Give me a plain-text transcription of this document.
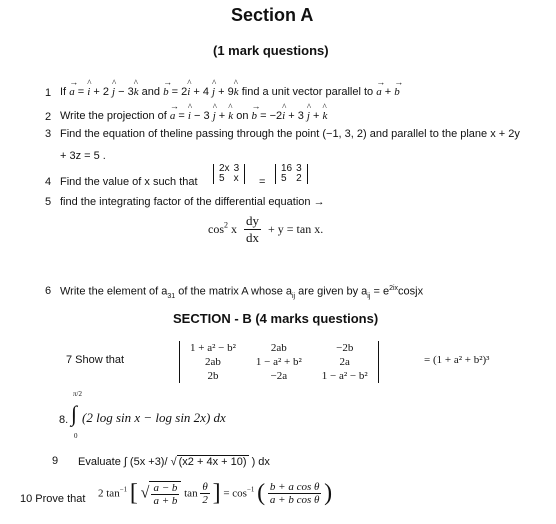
Section A
(1 mark questions)
1 If → a = ^ i + 2 ^ j − 3^ k and → b = 2^ i + 4 ^ j + 9^ k find a unit vector parallel to → a + → b
2 Write the projection of → a = ^ i − 3 ^ j + ^ k on → b = −2^ i + 3 ^ j + ^ k
3 Find the equation of theline passing through the point (−1, 3, 2) and parallel to the plane x + 2y
+ 3z = 5 .
4 Find the value of x such that
2x	3
5	x =
16	3
5	2
5 find the integrating factor of the differential equation →
$\cos^2 x \frac{dy}{dx} + y = \tan x$.
6 Write the element of $a_{31}$ of the matrix A whose $a_{ij}$ are given by $a_{ij}$ = $e^{2ix}cosjx$
SECTION - B (4 marks questions)
7 Show that
1 + a² − b²	2ab	−2b
2ab	1 − a² + b²	2a
2b	−2a	1 − a² − b²
= (1 + a² + b²)³
8.
π/2
∫
0
(2 log sin x − log sin 2x) dx
9 Evaluate ∫ (5x +3)/ √ (x2 + 4x + 10) ) dx
10 Prove that 2 $\tan^{-1}$ [ √ $\frac{a - b}{a + b}$ $\tan \frac{\theta}{2}$ ] = $\cos^{-1}$ ( $\frac{\text{b + a cos θ}}{\text{a + b cos θ}}$ )
